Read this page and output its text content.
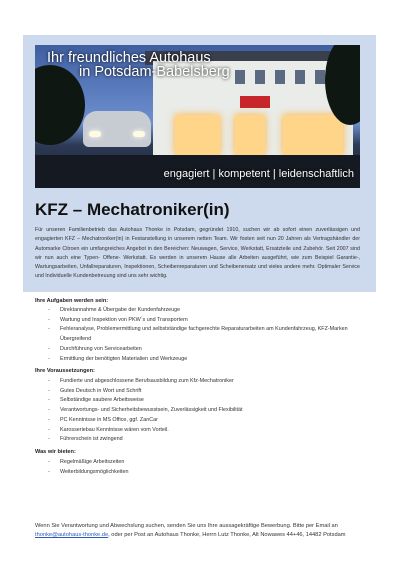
Ihr freundliches Autohaus
in Potsdam-Babelsberg
engagiert | kompetent | leidenschaftlich
KFZ – Mechatroniker(in)

Für unseren Familienbetrieb das Autohaus Thonke in Potsdam, gegründet 1910, suchen wir ab sofort einen zuverlässigen und engagierten KFZ – Mechatroniker(in) in Festanstellung in unserem netten Team. Wir fosten seit nun 20 Jahren als Vertragshändler der Automarke Citroen ein umfangreiches Angebot in den Bereichen: Neuwagen, Service, Werkstatt, Ersatzteile und Zubehör. Seit 2007 sind wir nun auch eine Typen- Offene- Werkstatt. Es werden in unserem Hause alle Arbeiten ausgeführt, wie zum Beispiel Garantie-, Wartungsarbeiten, Unfallreparaturen, Inspektionen, Scheibenreparaturen und Scheibenersatz und vieles andere mehr. Optimaler Service und Individuelle Kundenbetreuung sind uns sehr wichtig.

Ihre Aufgaben werden sein:
- Direktannahme & Übergabe der Kundenfahrzeuge
- Wartung und Inspektion von PKW´s und Transportern
- Fehleranalyse, Problemermittlung und selbstständige fachgerechte Reparaturarbeiten am Kundenfahrzeug, KFZ-Marken Übergreifend
- Durchführung von Servicearbeiten
- Ermittlung der benötigten Materialien und Werkzeuge
Ihre Voraussetzungen:
- Fundierte und abgeschlossene Berufsausbildung zum Kfz-Mechatroniker
- Gutes Deutsch in Wort und Schrift
- Selbständige saubere Arbeitsweise
- Verantwortungs- und Sicherheitsbewusstsein, Zuverlässigkeit und Flexibilität
- PC Kenntnisse in MS Office, ggf. ZanCar
- Karosseriebau Kenntnisse wären vom Vorteil.
- Führerschein ist zwingend
Was wir bieten:
- Regelmäßige Arbeitszeiten
- Weiterbildungsmöglichkeiten

Wenn Sie Verantwortung und Abwechslung suchen, senden Sie uns Ihre aussagekräftige Bewerbung. Bitte per Email an thonke@autohaus-thonke.de, oder per Post an Autohaus Thonke, Herrn Lutz Thonke, Alt Nowawes 44+46, 14482 Potsdam
